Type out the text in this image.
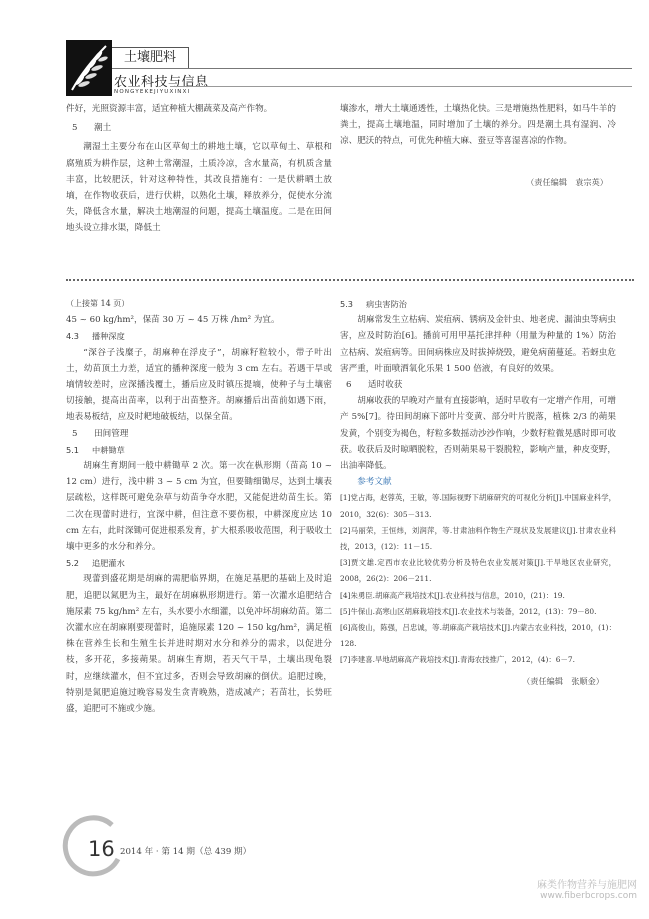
土壤肥料
农业科技与信息
NONGYEKEJIYUXINXI

件好，光照资源丰富，适宜种植大棚蔬菜及高产作物。

5 潮土

潮湿土主要分布在山区草甸土的耕地土壤，它以草甸土、草根和腐殖质为耕作层，这种土常潮湿，土质冷凉，含水量高，有机质含量丰富，比较肥沃，针对这种特性，其改良措施有：一是伏耕晒土放墒，在作物收获后，进行伏耕，以熟化土壤，释放养分，促使水分流失，降低含水量，解决土地潮湿的问题，提高土壤温度。二是在田间地头设立排水渠，降低土

壤渗水，增大土壤通透性，土壤热化快。三是增施热性肥料，如马牛羊的粪土，提高土壤地温，同时增加了土壤的养分。四是潮土具有湿润、冷凉、肥沃的特点，可优先种植大麻、蚕豆等喜湿喜凉的作物。

（责任编辑　袁宗英）

（上接第 14 页）

45 ~ 60 kg/hm²，保苗 30 万 ~ 45 万株 /hm² 为宜。

4.3 播种深度

“深谷子浅糜子，胡麻种在浮皮子”，胡麻籽粒较小，带子叶出土，幼苗顶土力差，适宜的播种深度一般为 3 cm 左右。若遇干旱或墒情较差时，应深播浅覆土，播后应及时镇压提墒，使种子与土壤密切接触，提高出苗率，以利于出苗整齐。胡麻播后出苗前如遇下雨，地表易板结，应及时耙地破板结，以保全苗。

5 田间管理

5.1 中耕锄草

胡麻生育期间一般中耕锄草 2 次。第一次在枞形期（苗高 10 ~ 12 cm）进行，浅中耕 3 ~ 5 cm 为宜，但要锄细锄尽，达到土壤表层疏松，这样既可避免杂草与幼苗争夺水肥，又能促进幼苗生长。第二次在现蕾时进行，宜深中耕，但注意不要伤根，中耕深度应达 10 cm 左右，此时深锄可促进根系发育，扩大根系吸收范围，利于吸收土壤中更多的水分和养分。

5.2 追肥灌水

现蕾到盛花期是胡麻的需肥临界期，在施足基肥的基础上及时追肥，追肥以氮肥为主，最好在胡麻枞形期进行。第一次灌水追肥结合施尿素 75 kg/hm² 左右，头水要小水细灌，以免冲坏胡麻幼苗。第二次灌水应在胡麻刚要现蕾时，追施尿素 120 ~ 150 kg/hm²，满足植株在营养生长和生殖生长并进时期对水分和养分的需求，以促进分枝，多开花，多接蒴果。胡麻生育期，若天气干旱，土壤出现龟裂时，应继续灌水，但不宜过多，否则会导致胡麻的倒伏。追肥过晚，特别是氮肥追施过晚容易发生贪青晚熟，造成减产；若苗壮，长势旺盛，追肥可不施或少施。

5.3 病虫害防治

胡麻常发生立枯病、炭疽病、锈病及金针虫、地老虎、漏油虫等病虫害，应及时防治[6]。播前可用甲基托津拌种（用量为种量的 1%）防治立枯病、炭疽病等。田间病株应及时拔掉烧毁，避免病菌蔓延。若蚜虫危害严重，叶面喷洒氧化乐果 1 500 倍液，有良好的效果。

6 适时收获

胡麻收获的早晚对产量有直接影响，适时早收有一定增产作用，可增产 5%[7]。待田间胡麻下部叶片变黄、部分叶片脱落，植株 2/3 的蒴果发黄，个别变为褐色，籽粒多数摇动沙沙作响，少数籽粒微晃感时即可收获。收获后及时晾晒脱粒，否则蒴果易干裂脱粒，影响产量，种皮变野，出油率降低。

参考文献

[1]党占海，赵蓉英，王敏，等.国际视野下胡麻研究的可视化分析[J].中国麻业科学，2010，32(6)：305－313.

[2]马丽荣，王恒炜，刘润萍，等.甘肃油料作物生产现状及发展建议[J].甘肃农业科技，2013，(12)：11－15.

[3]贾文雄.定西市农业比较优势分析及特色农业发展对策[J].干旱地区农业研究，2008，26(2)：206－211.

[4]朱勇臣.胡麻高产栽培技术[J].农业科技与信息，2010，(21)：19.

[5]牛保山.高寒山区胡麻栽培技术[J].农业技术与装备，2012，(13)：79－80.

[6]高俊山，陈强，吕忠诚，等.胡麻高产栽培技术[J].内蒙古农业科技，2010，(1)：128.

[7]李建喜.旱地胡麻高产栽培技术[J].青海农技推广，2012，(4)：6－7.

（责任编辑　张顺金）
16 2014 年 · 第 14 期（总 439 期）
麻类作物营养与施肥网
www.fiberbcrops.com
